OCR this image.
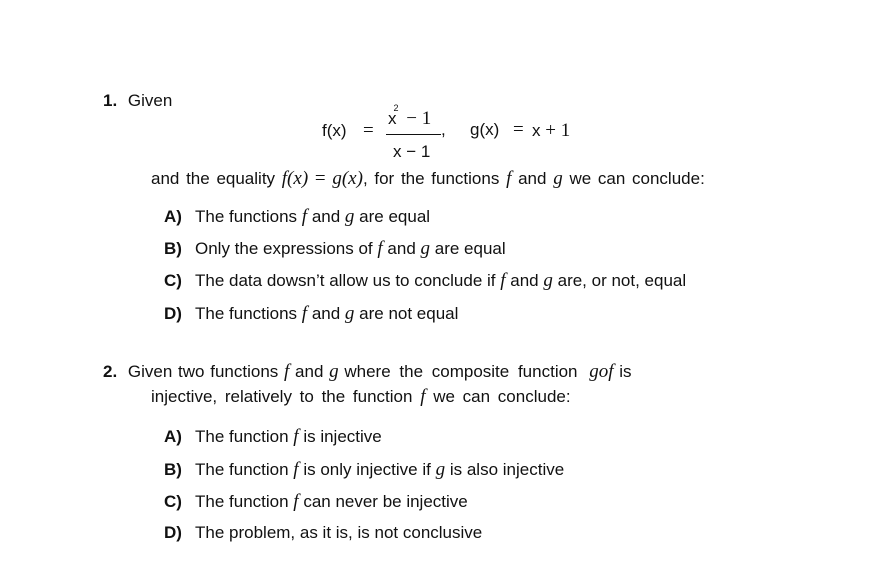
1. Given
f(x) =
$x^2 - 1$
x − 1
, g(x) = x + 1
and the equality f(x) = g(x), for the functions f and g we can conclude:
A) The functions f and g are equal
B) Only the expressions of f and g are equal
C) The data dowsn’t allow us to conclude if f and g are, or not, equal
D) The functions f and g are not equal
2. Given two functions f and g where the composite function gof is
injective, relatively to the function f we can conclude:
A) The function f is injective
B) The function f is only injective if g is also injective
C) The function f can never be injective
D) The problem, as it is, is not conclusive
